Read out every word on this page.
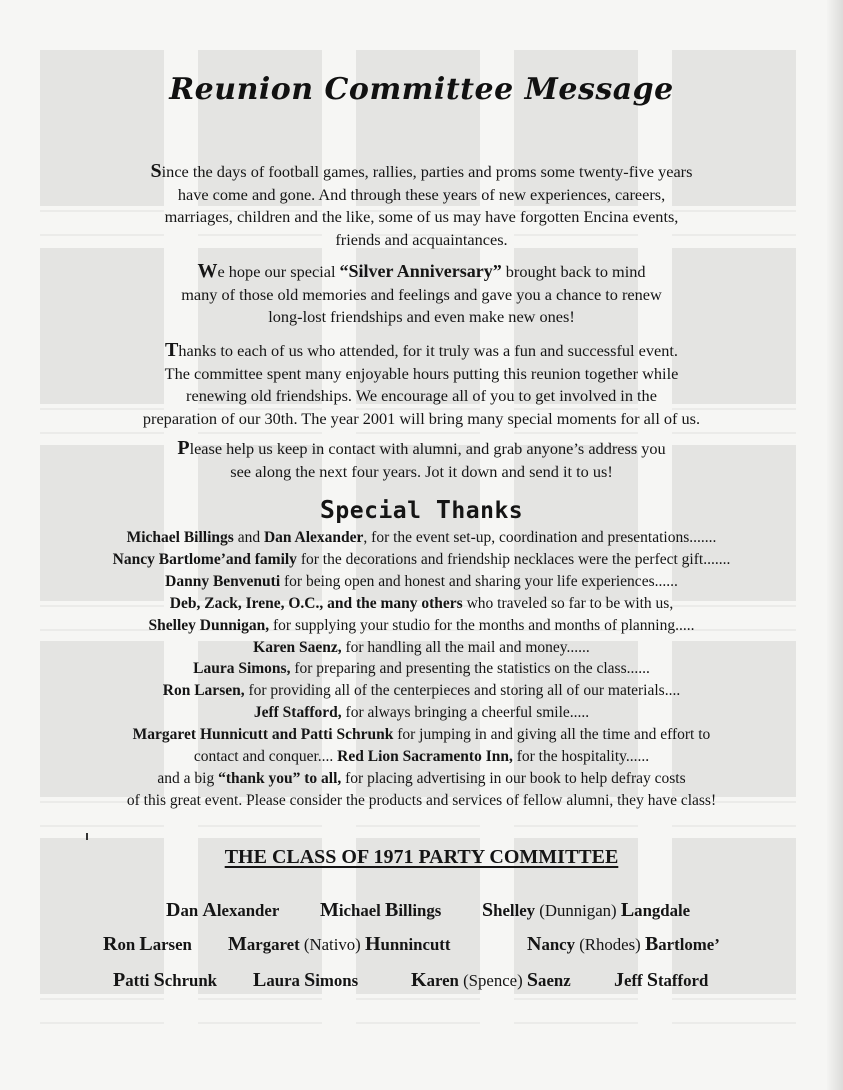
Reunion Committee Message
Since the days of football games, rallies, parties and proms some twenty-five years
have come and gone. And through these years of new experiences, careers,
marriages, children and the like, some of us may have forgotten Encina events,
friends and acquaintances.
We hope our special “Silver Anniversary” brought back to mind
many of those old memories and feelings and gave you a chance to renew
long-lost friendships and even make new ones!
Thanks to each of us who attended, for it truly was a fun and successful event.
The committee spent many enjoyable hours putting this reunion together while
renewing old friendships. We encourage all of you to get involved in the
preparation of our 30th. The year 2001 will bring many special moments for all of us.
Please help us keep in contact with alumni, and grab anyone’s address you
see along the next four years. Jot it down and send it to us!
Special Thanks
Michael Billings and Dan Alexander, for the event set-up, coordination and presentations.......
Nancy Bartlome’and family for the decorations and friendship necklaces were the perfect gift.......
Danny Benvenuti for being open and honest and sharing your life experiences......
Deb, Zack, Irene, O.C., and the many others who traveled so far to be with us,
Shelley Dunnigan, for supplying your studio for the months and months of planning.....
Karen Saenz, for handling all the mail and money......
Laura Simons, for preparing and presenting the statistics on the class......
Ron Larsen, for providing all of the centerpieces and storing all of our materials....
Jeff Stafford, for always bringing a cheerful smile.....
Margaret Hunnicutt and Patti Schrunk for jumping in and giving all the time and effort to
contact and conquer.... Red Lion Sacramento Inn, for the hospitality......
and a big “thank you” to all, for placing advertising in our book to help defray costs
of this great event. Please consider the products and services of fellow alumni, they have class!
THE CLASS OF 1971 PARTY COMMITTEE
Dan Alexander Michael Billings Shelley (Dunnigan) Langdale
Ron Larsen Margaret (Nativo) Hunnincutt	Nancy (Rhodes) Bartlome’
Patti Schrunk Laura Simons	Karen (Spence) Saenz Jeff Stafford
